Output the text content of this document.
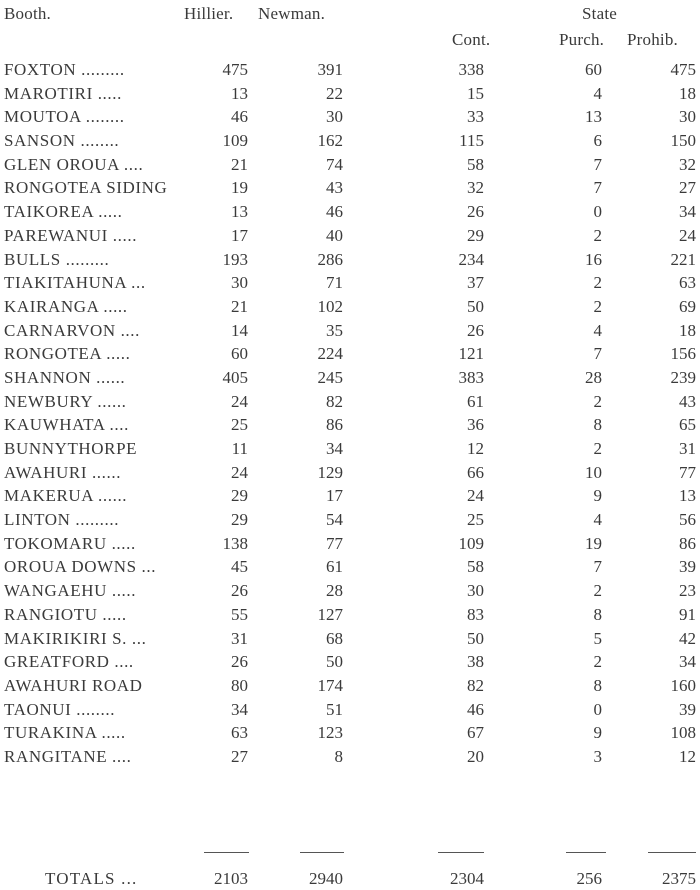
Booth.	Hillier. Newman.
Cont.
State
Purch. Prohib.
FOXTON .........	475	391	338	60	475
MAROTIRI .....	13	22	15	4	18
MOUTOA ........	46	30	33	13	30
SANSON ........	109	162	115	6	150
GLEN OROUA ....	21	74	58	7	32
RONGOTEA SIDING	19	43	32	7	27
TAIKOREA .....	13	46	26	0	34
PAREWANUI .....	17	40	29	2	24
BULLS .........	193	286	234	16	221
TIAKITAHUNA ...	30	71	37	2	63
KAIRANGA .....	21	102	50	2	69
CARNARVON ....	14	35	26	4	18
RONGOTEA .....	60	224	121	7	156
SHANNON ......	405	245	383	28	239
NEWBURY ......	24	82	61	2	43
KAUWHATA ....	25	86	36	8	65
BUNNYTHORPE	11	34	12	2	31
AWAHURI ......	24	129	66	10	77
MAKERUA ......	29	17	24	9	13
LINTON .........	29	54	25	4	56
TOKOMARU .....	138	77	109	19	86
OROUA DOWNS ...	45	61	58	7	39
WANGAEHU .....	26	28	30	2	23
RANGIOTU .....	55	127	83	8	91
MAKIRIKIRI S. ...	31	68	50	5	42
GREATFORD ....	26	50	38	2	34
AWAHURI ROAD	80	174	82	8	160
TAONUI ........	34	51	46	0	39
TURAKINA .....	63	123	67	9	108
RANGITANE ....	27	8	20	3	12
TOTALS ...	2103	2940	2304	256	2375
